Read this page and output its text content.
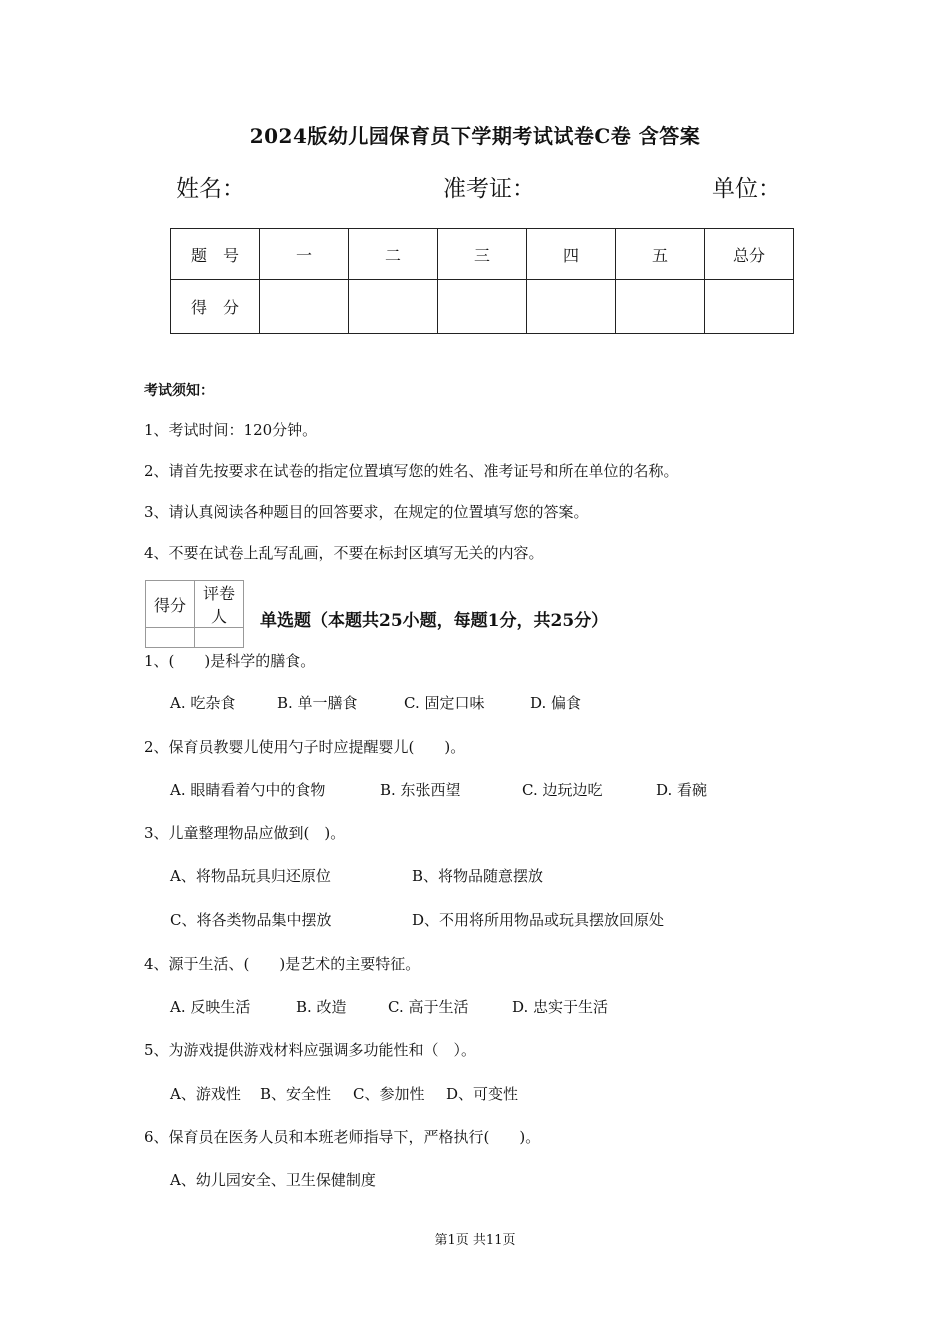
2024版幼儿园保育员下学期考试试卷C卷 含答案
姓名：	准考证：	单位：
题　号	一	二	三	四	五	总分
得　分						
考试须知：
1、考试时间：120分钟。
2、请首先按要求在试卷的指定位置填写您的姓名、准考证号和所在单位的名称。
3、请认真阅读各种题目的回答要求，在规定的位置填写您的答案。
4、不要在试卷上乱写乱画，不要在标封区填写无关的内容。
得分	评卷人
	单选题（本题共25小题，每题1分，共25分）
1、(　　)是科学的膳食。
A. 吃杂食	B. 单一膳食	C. 固定口味	D. 偏食
2、保育员教婴儿使用勺子时应提醒婴儿(　　)。
A. 眼睛看着勺中的食物	B. 东张西望	C. 边玩边吃	D. 看碗
3、儿童整理物品应做到(　)。
A、将物品玩具归还原位	B、将物品随意摆放
C、将各类物品集中摆放	D、不用将所用物品或玩具摆放回原处
4、源于生活、(　　)是艺术的主要特征。
A. 反映生活	B. 改造	C. 高于生活	D. 忠实于生活
5、为游戏提供游戏材料应强调多功能性和（　）。
A、游戏性 B、安全性 C、参加性 D、可变性
6、保育员在医务人员和本班老师指导下，严格执行(　　)。
A、幼儿园安全、卫生保健制度
第1页 共11页
